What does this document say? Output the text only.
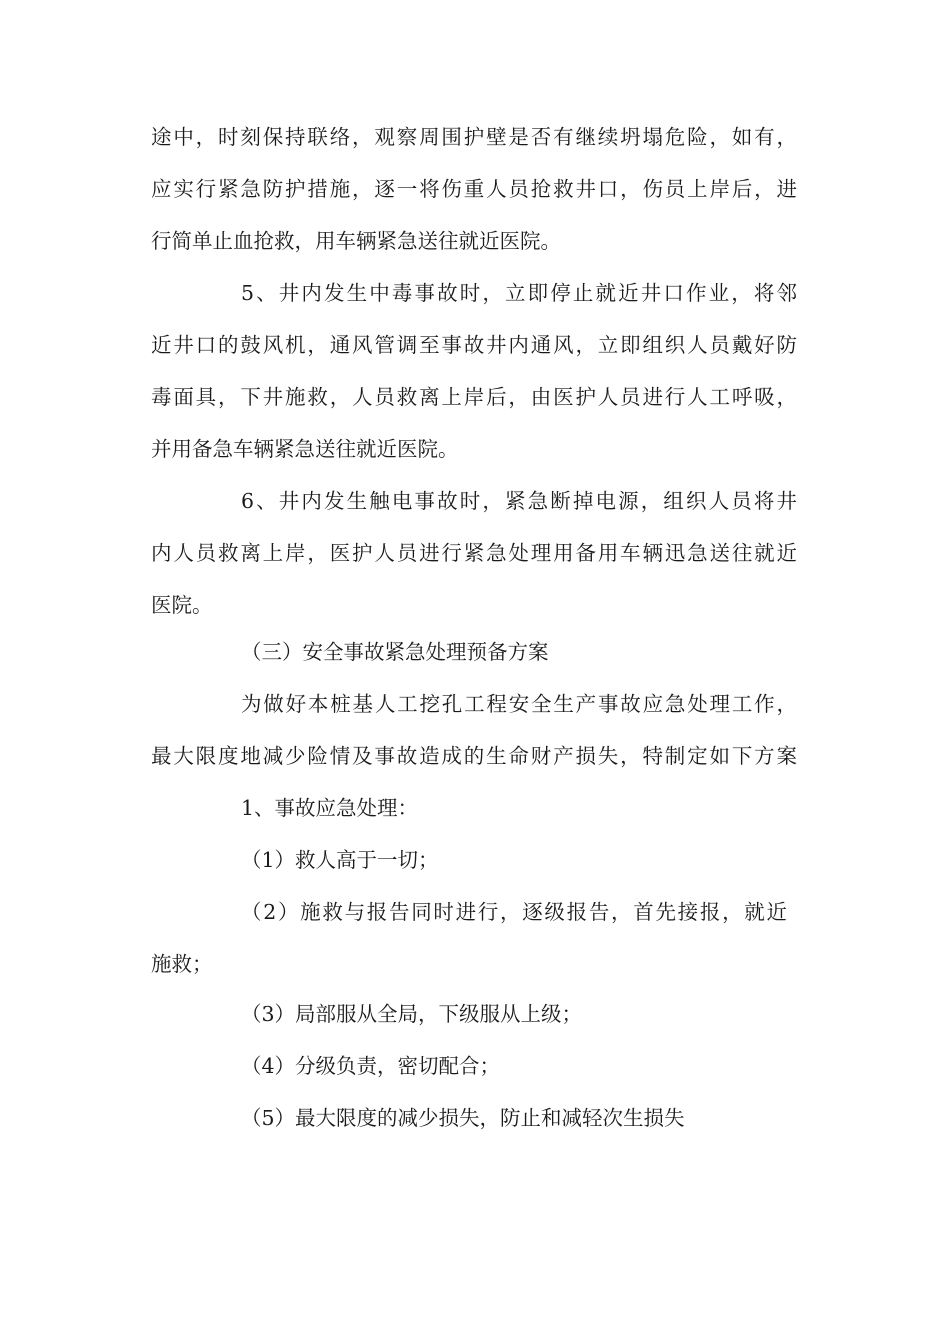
途中，时刻保持联络，观察周围护壁是否有继续坍塌危险，如有，
应实行紧急防护措施，逐一将伤重人员抢救井口，伤员上岸后，进
行简单止血抢救，用车辆紧急送往就近医院。
5、井内发生中毒事故时，立即停止就近井口作业，将邻
近井口的鼓风机，通风管调至事故井内通风，立即组织人员戴好防
毒面具，下井施救，人员救离上岸后，由医护人员进行人工呼吸，
并用备急车辆紧急送往就近医院。
6、井内发生触电事故时，紧急断掉电源，组织人员将井
内人员救离上岸，医护人员进行紧急处理用备用车辆迅急送往就近
医院。
（三）安全事故紧急处理预备方案
为做好本桩基人工挖孔工程安全生产事故应急处理工作，
最大限度地减少险情及事故造成的生命财产损失，特制定如下方案
1、事故应急处理：
（1）救人高于一切；
（2）施救与报告同时进行，逐级报告，首先接报，就近
施救；
（3）局部服从全局，下级服从上级；
（4）分级负责，密切配合；
（5）最大限度的减少损失，防止和减轻次生损失
